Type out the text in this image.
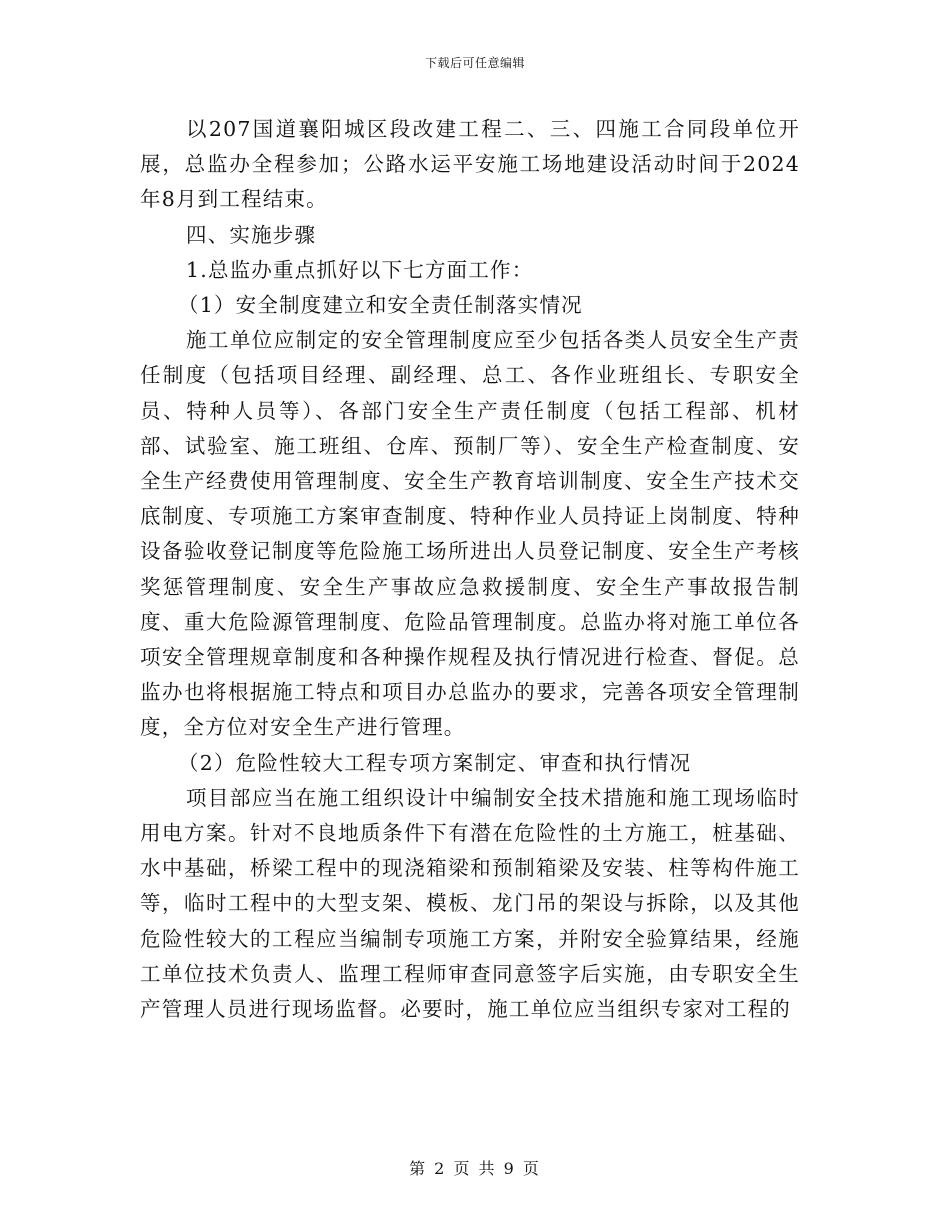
下载后可任意编辑

以207国道襄阳城区段改建工程二、三、四施工合同段单位开展，总监办全程参加；公路水运平安施工场地建设活动时间于2024年8月到工程结束。

四、实施步骤

1.总监办重点抓好以下七方面工作：

（1）安全制度建立和安全责任制落实情况

施工单位应制定的安全管理制度应至少包括各类人员安全生产责任制度（包括项目经理、副经理、总工、各作业班组长、专职安全员、特种人员等）、各部门安全生产责任制度（包括工程部、机材部、试验室、施工班组、仓库、预制厂等）、安全生产检查制度、安全生产经费使用管理制度、安全生产教育培训制度、安全生产技术交底制度、专项施工方案审查制度、特种作业人员持证上岗制度、特种设备验收登记制度等危险施工场所进出人员登记制度、安全生产考核奖惩管理制度、安全生产事故应急救援制度、安全生产事故报告制度、重大危险源管理制度、危险品管理制度。总监办将对施工单位各项安全管理规章制度和各种操作规程及执行情况进行检查、督促。总监办也将根据施工特点和项目办总监办的要求，完善各项安全管理制度，全方位对安全生产进行管理。

（2）危险性较大工程专项方案制定、审查和执行情况

项目部应当在施工组织设计中编制安全技术措施和施工现场临时用电方案。针对不良地质条件下有潜在危险性的土方施工，桩基础、水中基础，桥梁工程中的现浇箱梁和预制箱梁及安装、柱等构件施工等，临时工程中的大型支架、模板、龙门吊的架设与拆除，以及其他危险性较大的工程应当编制专项施工方案，并附安全验算结果，经施工单位技术负责人、监理工程师审查同意签字后实施，由专职安全生产管理人员进行现场监督。必要时，施工单位应当组织专家对工程的

第 2 页 共 9 页
